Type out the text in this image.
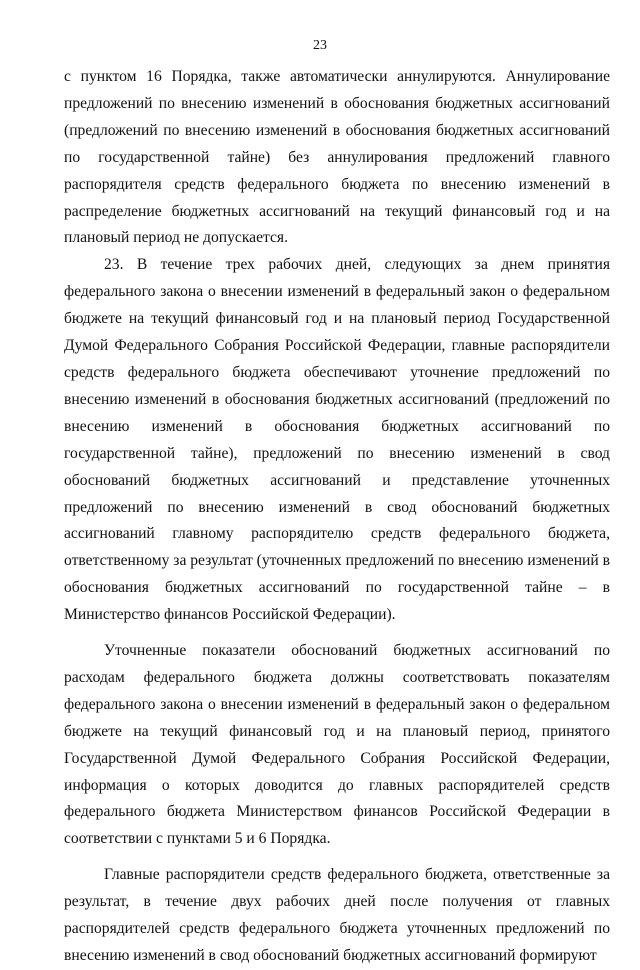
23

с пунктом 16 Порядка, также автоматически аннулируются. Аннулирование предложений по внесению изменений в обоснования бюджетных ассигнований (предложений по внесению изменений в обоснования бюджетных ассигнований по государственной тайне) без аннулирования предложений главного распорядителя средств федерального бюджета по внесению изменений в распределение бюджетных ассигнований на текущий финансовый год и на плановый период не допускается.

23. В течение трех рабочих дней, следующих за днем принятия федерального закона о внесении изменений в федеральный закон о федеральном бюджете на текущий финансовый год и на плановый период Государственной Думой Федерального Собрания Российской Федерации, главные распорядители средств федерального бюджета обеспечивают уточнение предложений по внесению изменений в обоснования бюджетных ассигнований (предложений по внесению изменений в обоснования бюджетных ассигнований по государственной тайне), предложений по внесению изменений в свод обоснований бюджетных ассигнований и представление уточненных предложений по внесению изменений в свод обоснований бюджетных ассигнований главному распорядителю средств федерального бюджета, ответственному за результат (уточненных предложений по внесению изменений в обоснования бюджетных ассигнований по государственной тайне – в Министерство финансов Российской Федерации).

Уточненные показатели обоснований бюджетных ассигнований по расходам федерального бюджета должны соответствовать показателям федерального закона о внесении изменений в федеральный закон о федеральном бюджете на текущий финансовый год и на плановый период, принятого Государственной Думой Федерального Собрания Российской Федерации, информация о которых доводится до главных распорядителей средств федерального бюджета Министерством финансов Российской Федерации в соответствии с пунктами 5 и 6 Порядка.

Главные распорядители средств федерального бюджета, ответственные за результат, в течение двух рабочих дней после получения от главных распорядителей средств федерального бюджета уточненных предложений по внесению изменений в свод обоснований бюджетных ассигнований формируют
